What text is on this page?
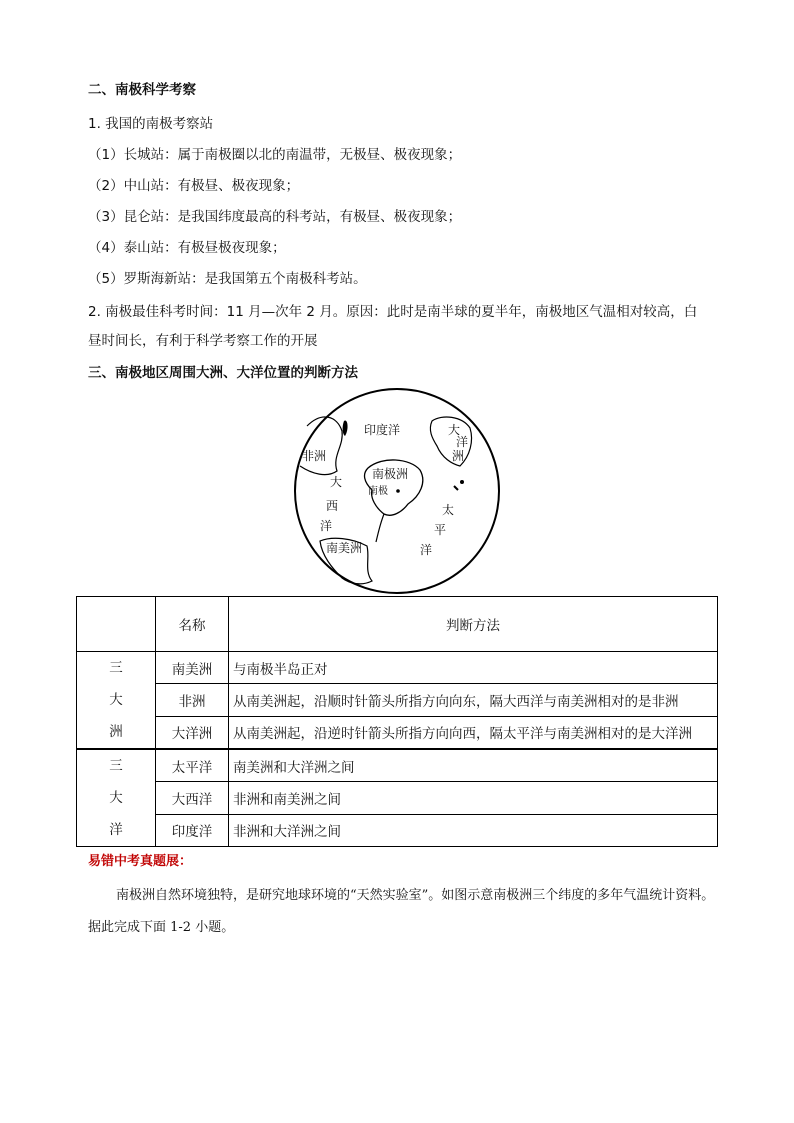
二、南极科学考察
1. 我国的南极考察站
（1）长城站：属于南极圈以北的南温带，无极昼、极夜现象；
（2）中山站：有极昼、极夜现象；
（3）昆仑站：是我国纬度最高的科考站，有极昼、极夜现象；
（4）泰山站：有极昼极夜现象；
（5）罗斯海新站：是我国第五个南极科考站。
2. 南极最佳科考时间：11 月—次年 2 月。原因：此时是南半球的夏半年，南极地区气温相对较高，白
昼时间长，有利于科学考察工作的开展
三、南极地区周围大洲、大洋位置的判断方法
印度洋	大
洋
洲
非洲
大
西
洋
南极洲
南极
太
平
洋
南美洲
	名称	判断方法

三
大
洲	南美洲	与南极半岛正对
	非洲	从南美洲起，沿顺时针箭头所指方向向东，隔大西洋与南美洲相对的是非洲
	大洋洲	从南美洲起，沿逆时针箭头所指方向向西，隔太平洋与南美洲相对的是大洋洲

三
大
洋	太平洋	南美洲和大洋洲之间
	大西洋	非洲和南美洲之间
	印度洋	非洲和大洋洲之间
易错中考真题展：
南极洲自然环境独特，是研究地球环境的“天然实验室”。如图示意南极洲三个纬度的多年气温统计资料。据此完成下面 1-2 小题。
